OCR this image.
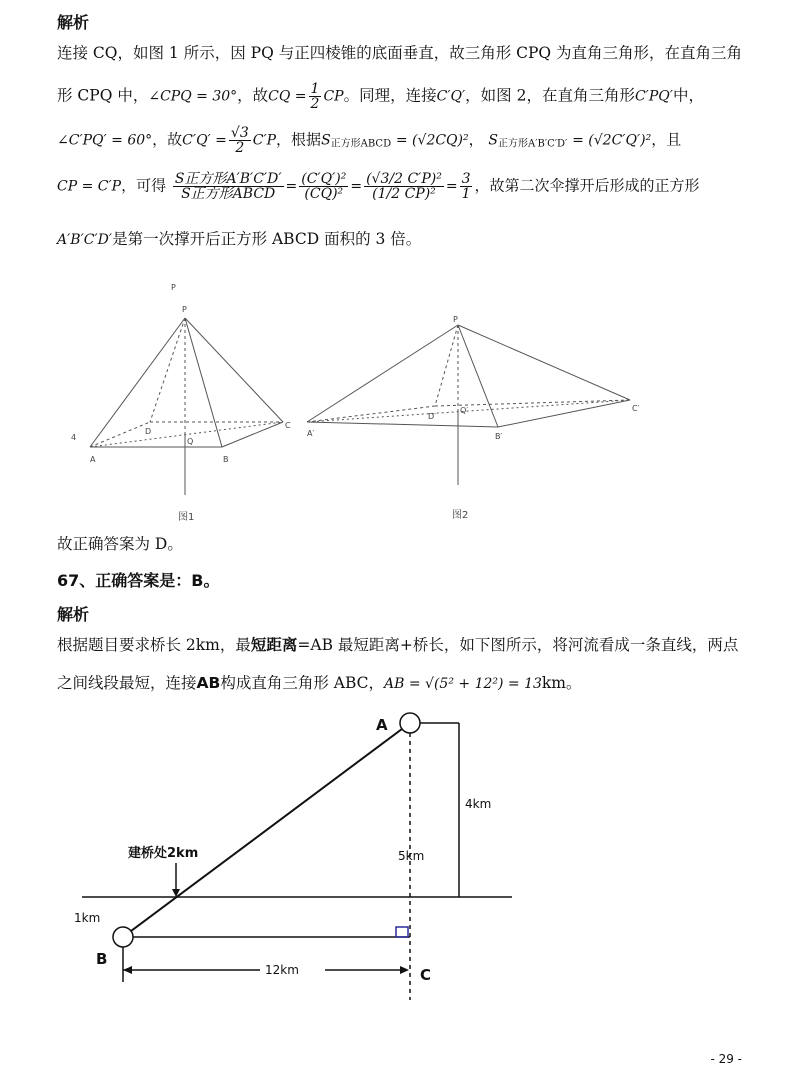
解析
连接 CQ，如图 1 所示，因 PQ 与正四棱锥的底面垂直，故三角形 CPQ 为直角三角形，在直角三角
形 CPQ 中，∠CPQ = 30°，故CQ = $\frac{1}{2}$ CP。同理，连接C′Q′，如图 2，在直角三角形C′PQ′中，
∠C′PQ′ = 60°，故$C'Q' = \frac{√3}{2} C'P$，根据$S_{正方形ABCD} = (√2CQ)^2$， $S_{正方形A'B'C'D'} = (√2C'Q')^2$，且
CP = C′P，可得 $\frac{\text{S正方形A′B′C′D′}}{\text{S正方形ABCD}} = \frac{\text{(C′Q′)²}}{\text{(CQ)²}} = \frac{\text{(√3/2 C′P)²}}{\text{(1/2 CP)²}} = \frac{3}{1}$ ，故第二次伞撑开后形成的正方形
A′B′C′D′是第一次撑开后正方形 ABCD 面积的 3 倍。
P
P
D
C
A
Q
B
4
图1
P
D′
Q′	C′
A′	B′
图2
故正确答案为 D。
67、正确答案是：B。
解析
根据题目要求桥长 2km，最短距离=AB 最短距离+桥长，如下图所示，将河流看成一条直线，两点
之间线段最短，连接AB构成直角三角形 ABC，AB = √(5² + 12²) = 13km。
A
B
C
4km
5km
1km
12km
建桥处2km
- 29 -
